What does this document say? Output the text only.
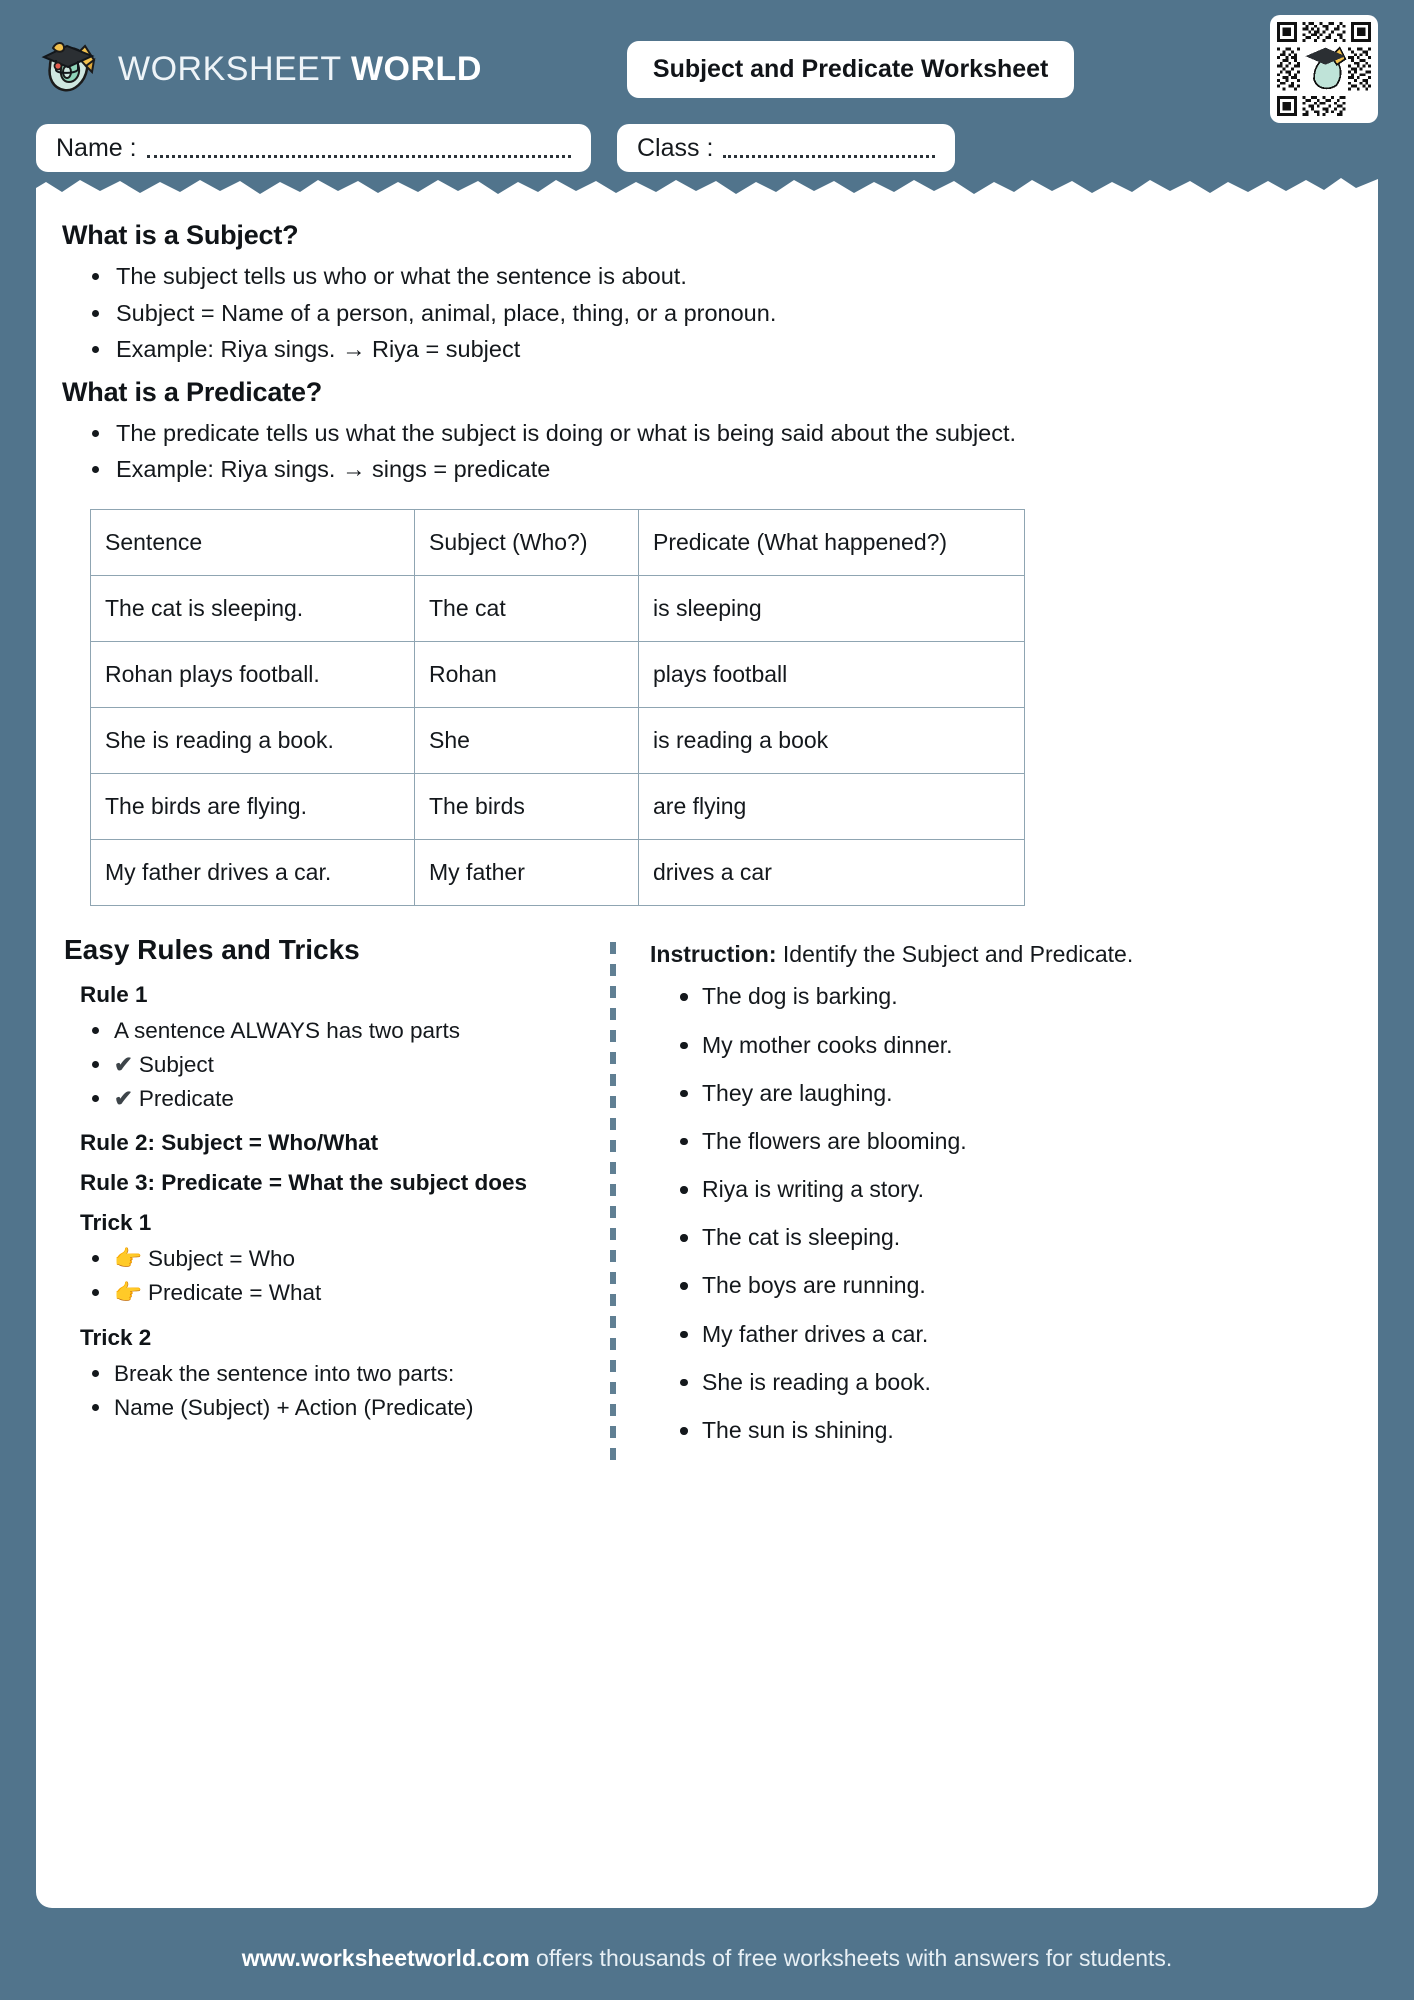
WORKSHEET WORLD	Subject and Predicate Worksheet
Name :	Class :
What is a Subject?
The subject tells us who or what the sentence is about.
Subject = Name of a person, animal, place, thing, or a pronoun.
Example: Riya sings. → Riya = subject
What is a Predicate?
The predicate tells us what the subject is doing or what is being said about the subject.
Example: Riya sings. → sings = predicate
Sentence	Subject (Who?)	Predicate (What happened?)
The cat is sleeping.	The cat	is sleeping
Rohan plays football.	Rohan	plays football
She is reading a book.	She	is reading a book
The birds are flying.	The birds	are flying
My father drives a car.	My father	drives a car
Easy Rules and Tricks
Rule 1
A sentence ALWAYS has two parts
✔ Subject
✔ Predicate
Rule 2: Subject = Who/What
Rule 3: Predicate = What the subject does
Trick 1
👉 Subject = Who
👉 Predicate = What
Trick 2
Break the sentence into two parts:
Name (Subject) + Action (Predicate)

Instruction: Identify the Subject and Predicate.

The dog is barking.
My mother cooks dinner.
They are laughing.
The flowers are blooming.
Riya is writing a story.
The cat is sleeping.
The boys are running.
My father drives a car.
She is reading a book.
The sun is shining.
www.worksheetworld.com offers thousands of free worksheets with answers for students.
